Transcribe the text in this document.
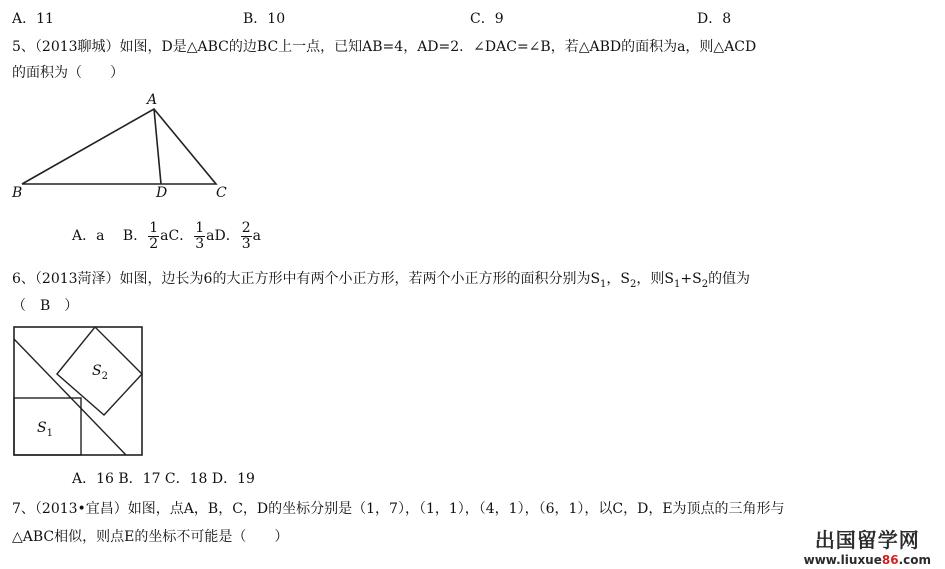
A．11	B．10	C．9	D．8
5、（2013聊城）如图，D是△ABC的边BC上一点，已知AB=4，AD=2．∠DAC=∠B，若△ABD的面积为a，则△ACD
的面积为（　　）
A
B	C
D
A．a B． $\frac{1}{2}$ aC． $\frac{1}{3}$ aD． $\frac{2}{3}$ a
6、（2013菏泽）如图，边长为6的大正方形中有两个小正方形，若两个小正方形的面积分别为$S_1$，$S_2$，则$S_1+S_2$的值为
（　B　）
$S_1$
$S_2$
A．16 B．17 C．18 D．19
7、（2013•宜昌）如图，点A，B，C，D的坐标分别是（1，7），（1，1），（4，1），（6，1），以C，D，E为顶点的三角形与
△ABC相似，则点E的坐标不可能是（　　）	出国留学网
www.liuxue86.com
